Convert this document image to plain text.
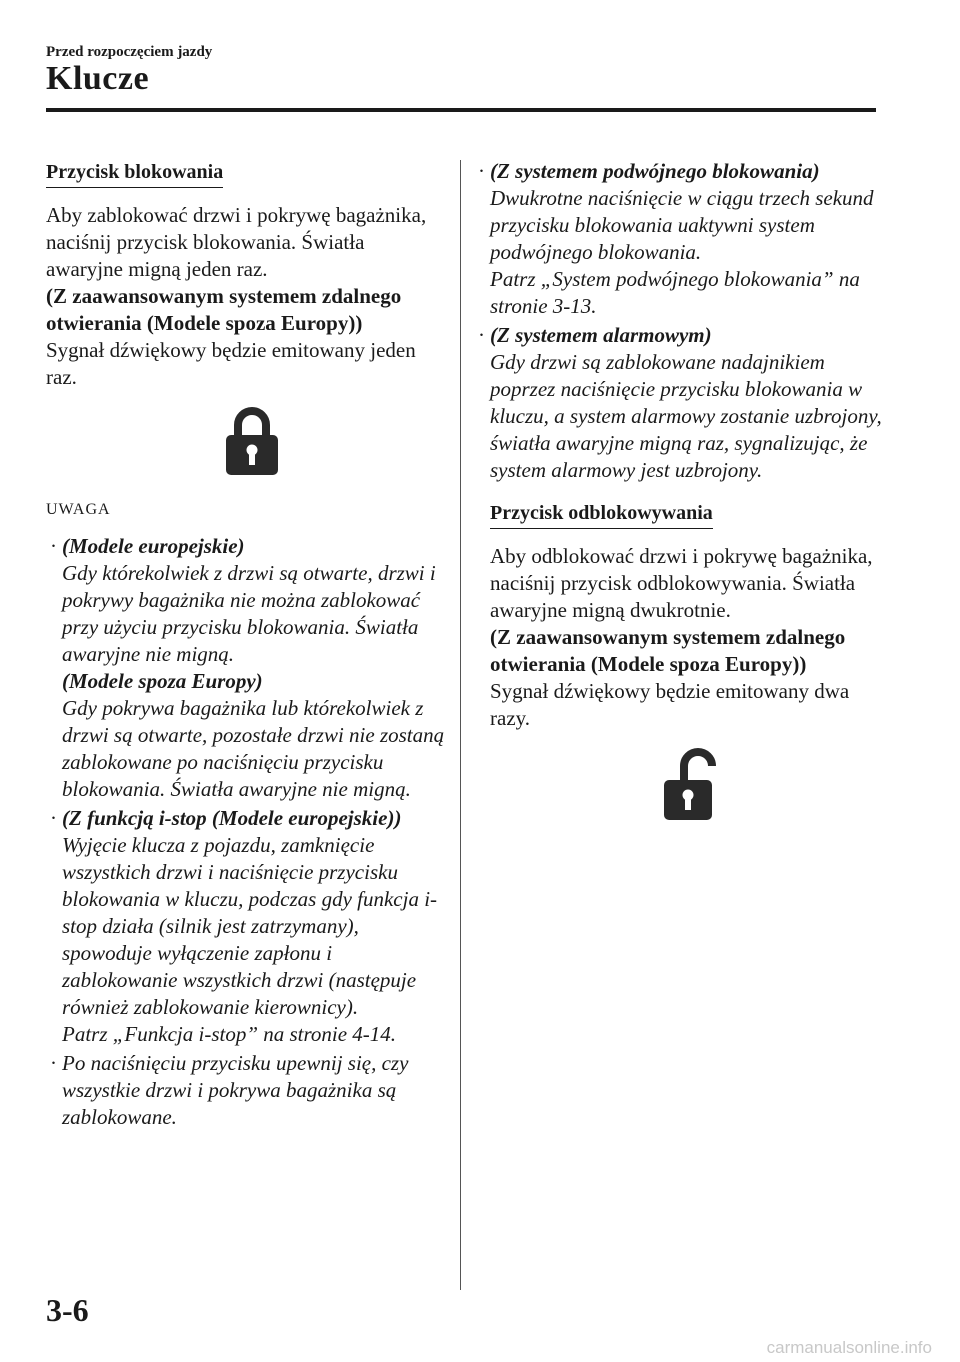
Przed rozpoczęciem jazdy
Klucze
Przycisk blokowania

Aby zablokować drzwi i pokrywę bagażnika, naciśnij przycisk blokowania. Światła awaryjne migną jeden raz.

(Z zaawansowanym systemem zdalnego otwierania (Modele spoza Europy))

Sygnał dźwiękowy będzie emitowany jeden raz.

UWAGA
· (Modele europejskie)
Gdy którekolwiek z drzwi są otwarte, drzwi i pokrywy bagażnika nie można zablokować przy użyciu przycisku blokowania. Światła awaryjne nie migną.
(Modele spoza Europy)
Gdy pokrywa bagażnika lub którekolwiek z drzwi są otwarte, pozostałe drzwi nie zostaną zablokowane po naciśnięciu przycisku blokowania. Światła awaryjne nie migną.
· (Z funkcją i-stop (Modele europejskie))
Wyjęcie klucza z pojazdu, zamknięcie wszystkich drzwi i naciśnięcie przycisku blokowania w kluczu, podczas gdy funkcja i-stop działa (silnik jest zatrzymany), spowoduje wyłączenie zapłonu i zablokowanie wszystkich drzwi (następuje również zablokowanie kierownicy).
Patrz „Funkcja i-stop” na stronie 4-14.
· Po naciśnięciu przycisku upewnij się, czy wszystkie drzwi i pokrywa bagażnika są zablokowane.
· (Z systemem podwójnego blokowania)
Dwukrotne naciśnięcie w ciągu trzech sekund przycisku blokowania uaktywni system podwójnego blokowania.
Patrz „System podwójnego blokowania” na stronie 3-13.
· (Z systemem alarmowym)
Gdy drzwi są zablokowane nadajnikiem poprzez naciśnięcie przycisku blokowania w kluczu, a system alarmowy zostanie uzbrojony, światła awaryjne migną raz, sygnalizując, że system alarmowy jest uzbrojony.
Przycisk odblokowywania

Aby odblokować drzwi i pokrywę bagażnika, naciśnij przycisk odblokowywania. Światła awaryjne migną dwukrotnie.

(Z zaawansowanym systemem zdalnego otwierania (Modele spoza Europy))

Sygnał dźwiękowy będzie emitowany dwa razy.

3-6
carmanualsonline.info
